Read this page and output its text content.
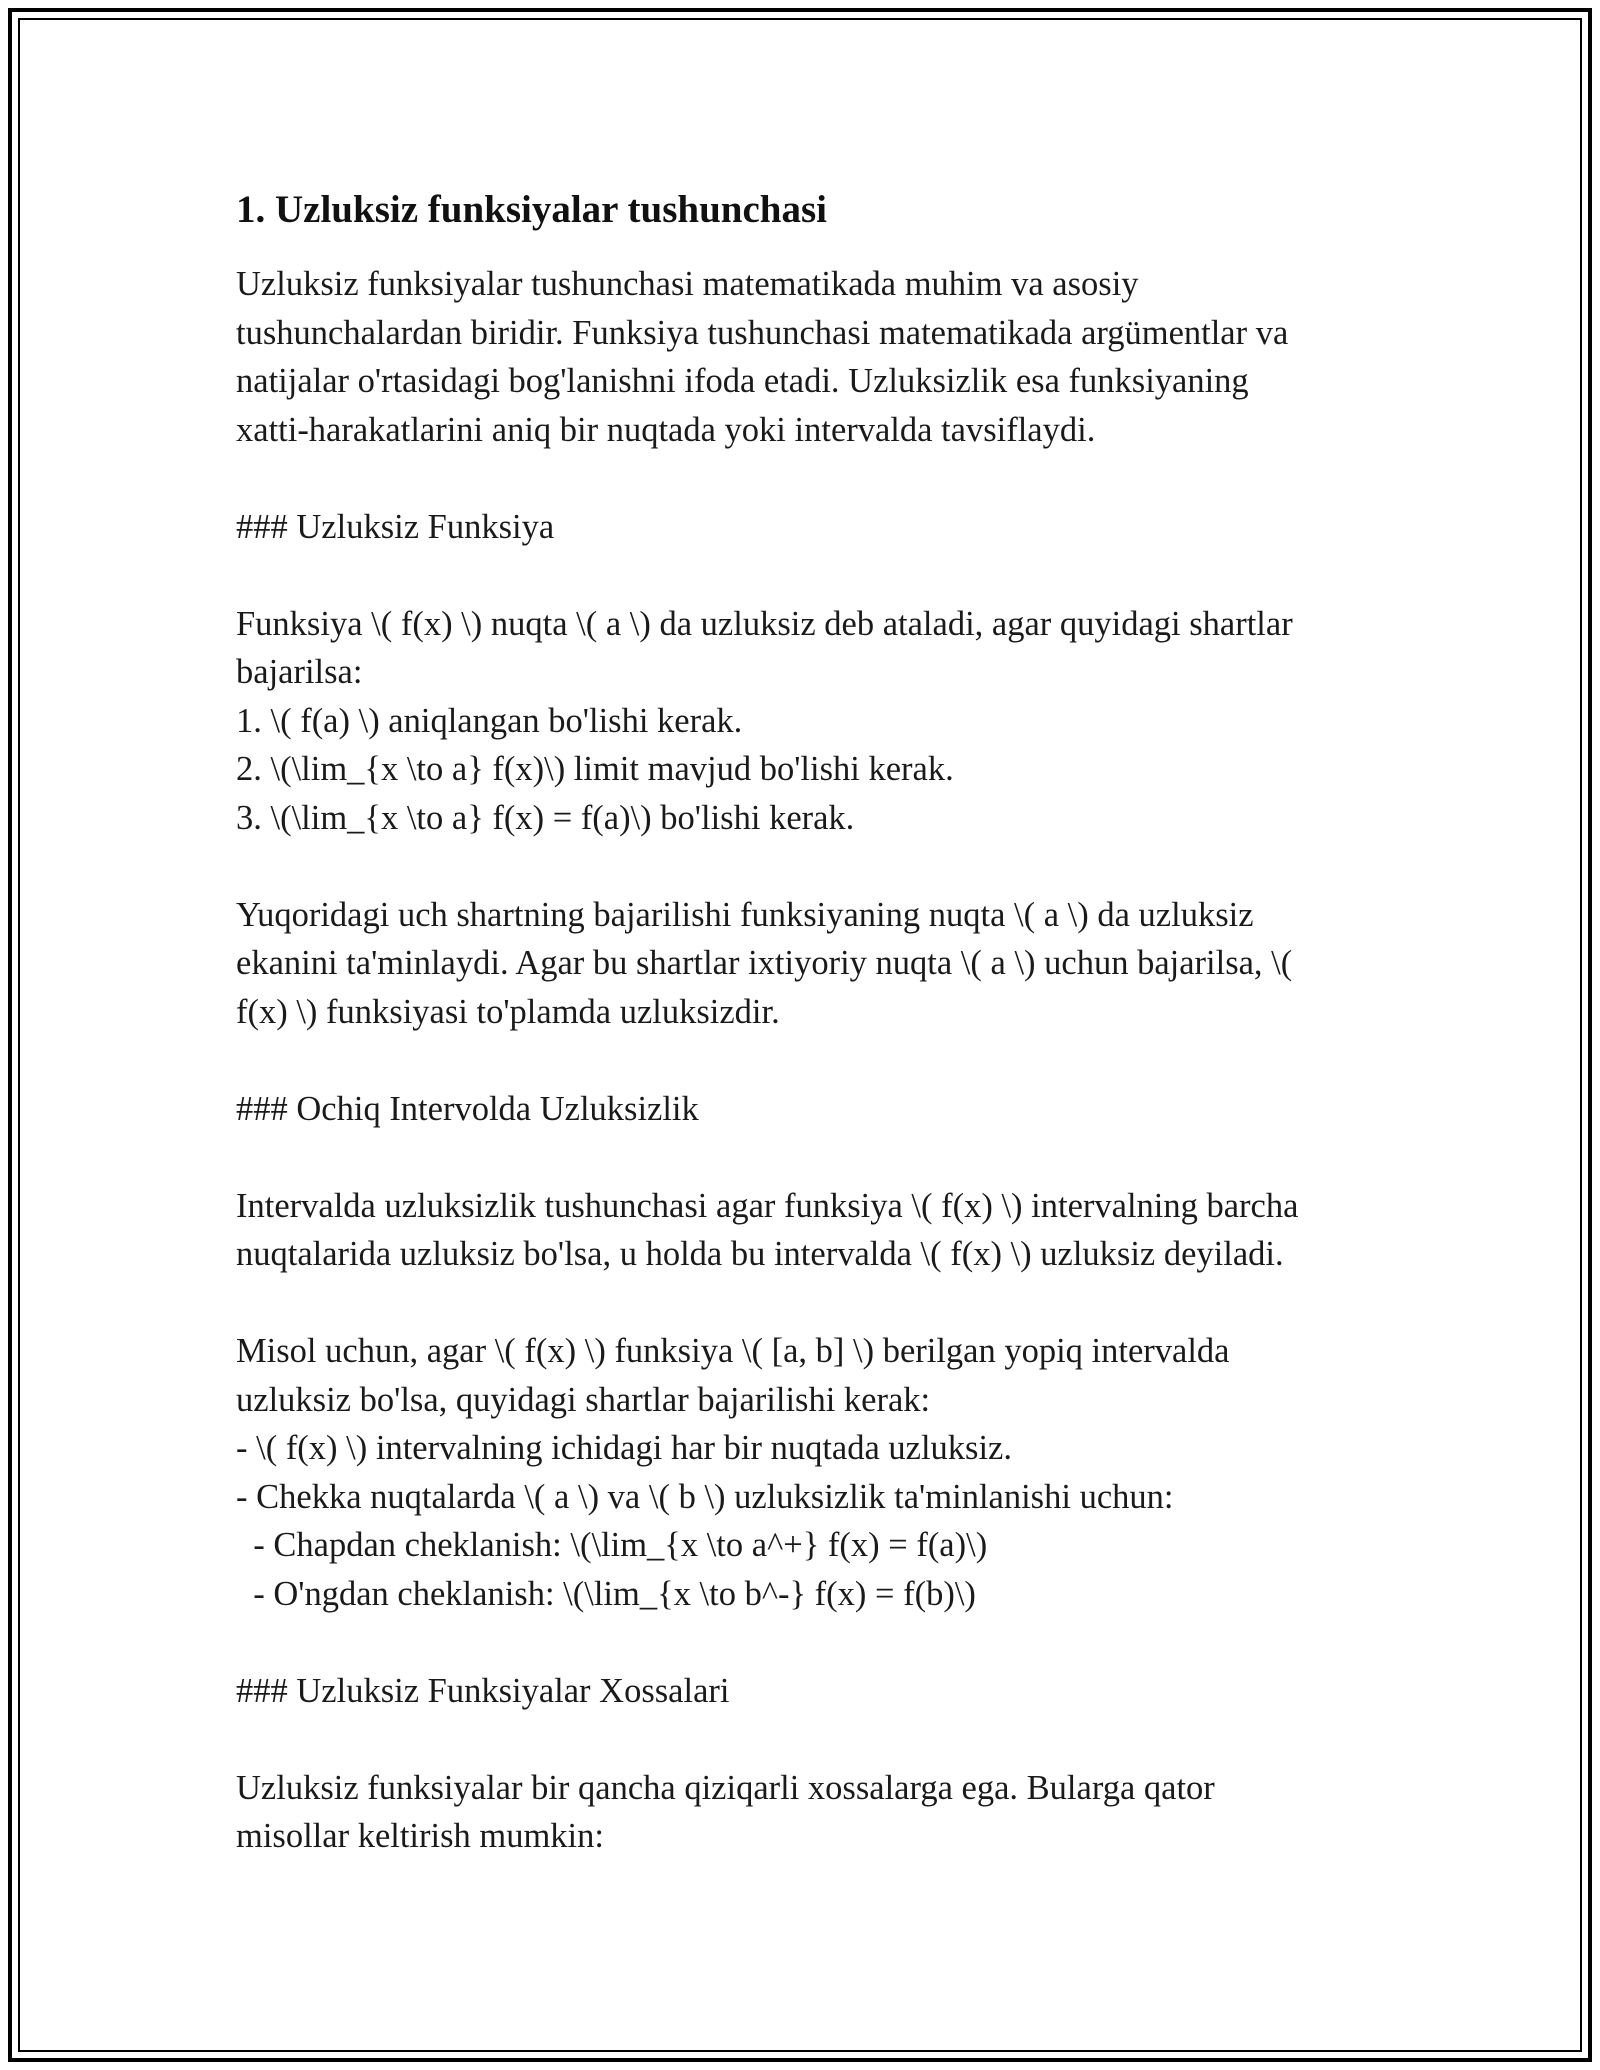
1. Uzluksiz funksiyalar tushunchasi
Uzluksiz funksiyalar tushunchasi matematikada muhim va asosiy
tushunchalardan biridir. Funksiya tushunchasi matematikada argümentlar va
natijalar o'rtasidagi bog'lanishni ifoda etadi. Uzluksizlik esa funksiyaning
xatti-harakatlarini aniq bir nuqtada yoki intervalda tavsiflaydi.
### Uzluksiz Funksiya
Funksiya \( f(x) \) nuqta \( a \) da uzluksiz deb ataladi, agar quyidagi shartlar
bajarilsa:
1. \( f(a) \) aniqlangan bo'lishi kerak.
2. \(\lim_{x \to a} f(x)\) limit mavjud bo'lishi kerak.
3. \(\lim_{x \to a} f(x) = f(a)\) bo'lishi kerak.
Yuqoridagi uch shartning bajarilishi funksiyaning nuqta \( a \) da uzluksiz
ekanini ta'minlaydi. Agar bu shartlar ixtiyoriy nuqta \( a \) uchun bajarilsa, \(
f(x) \) funksiyasi to'plamda uzluksizdir.
### Ochiq Intervolda Uzluksizlik
Intervalda uzluksizlik tushunchasi agar funksiya \( f(x) \) intervalning barcha
nuqtalarida uzluksiz bo'lsa, u holda bu intervalda \( f(x) \) uzluksiz deyiladi.
Misol uchun, agar \( f(x) \) funksiya \( [a, b] \) berilgan yopiq intervalda
uzluksiz bo'lsa, quyidagi shartlar bajarilishi kerak:
- \( f(x) \) intervalning ichidagi har bir nuqtada uzluksiz.
- Chekka nuqtalarda \( a \) va \( b \) uzluksizlik ta'minlanishi uchun:
- Chapdan cheklanish: \(\lim_{x \to a^+} f(x) = f(a)\)
- O'ngdan cheklanish: \(\lim_{x \to b^-} f(x) = f(b)\)
### Uzluksiz Funksiyalar Xossalari
Uzluksiz funksiyalar bir qancha qiziqarli xossalarga ega. Bularga qator
misollar keltirish mumkin:
